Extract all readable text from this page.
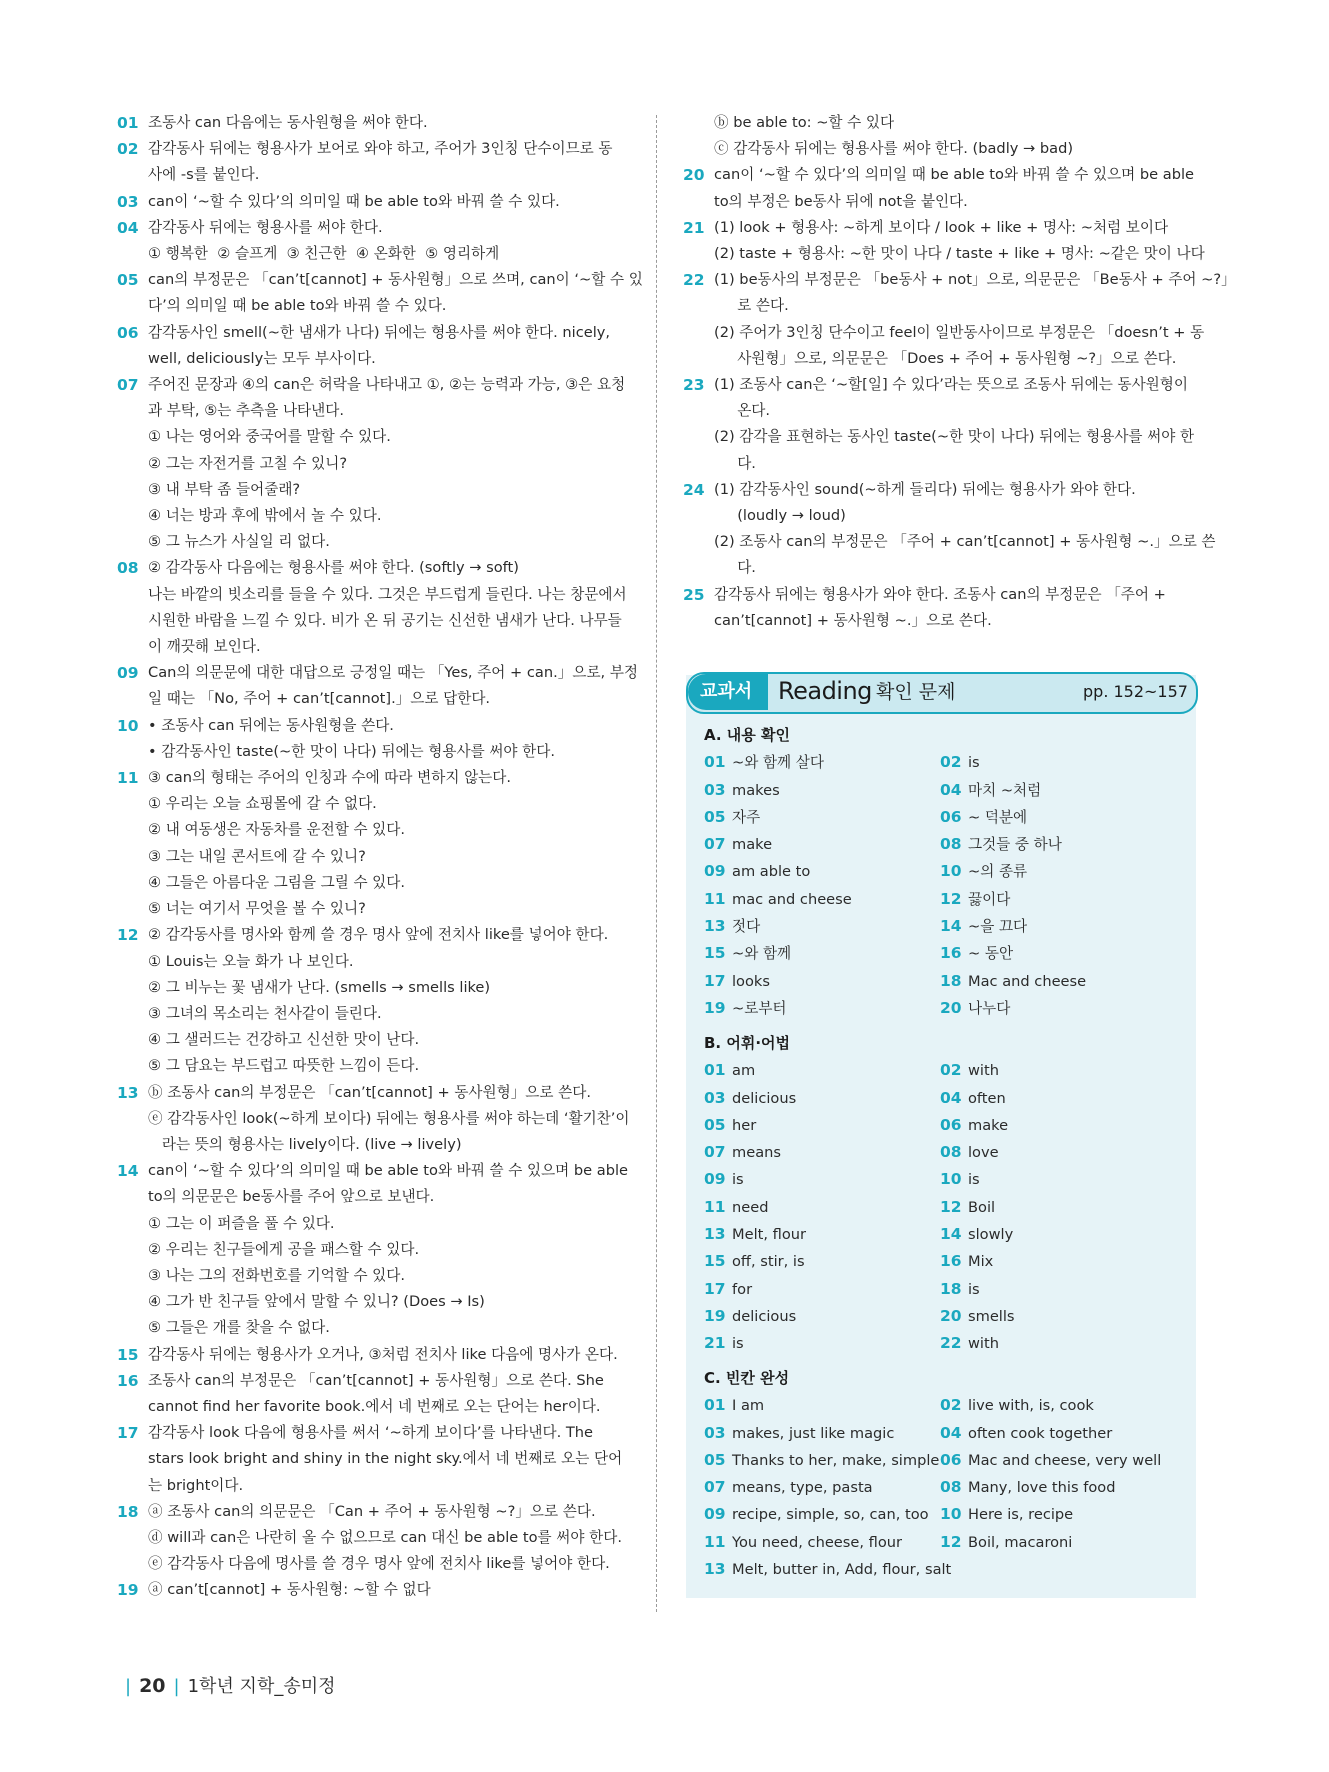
01 조동사 can 다음에는 동사원형을 써야 한다.
02 감각동사 뒤에는 형용사가 보어로 와야 하고, 주어가 3인칭 단수이므로 동
사에 -s를 붙인다.
03 can이 ‘~할 수 있다’의 의미일 때 be able to와 바꿔 쓸 수 있다.
04 감각동사 뒤에는 형용사를 써야 한다.
① 행복한  ② 슬프게  ③ 친근한  ④ 온화한  ⑤ 영리하게
05 can의 부정문은 「can’t[cannot] + 동사원형」으로 쓰며, can이 ‘~할 수 있
다’의 의미일 때 be able to와 바꿔 쓸 수 있다.
06 감각동사인 smell(~한 냄새가 나다) 뒤에는 형용사를 써야 한다. nicely,
well, deliciously는 모두 부사이다.
07 주어진 문장과 ④의 can은 허락을 나타내고 ①, ②는 능력과 가능, ③은 요청
과 부탁, ⑤는 추측을 나타낸다.
① 나는 영어와 중국어를 말할 수 있다.
② 그는 자전거를 고칠 수 있니?
③ 내 부탁 좀 들어줄래?
④ 너는 방과 후에 밖에서 놀 수 있다.
⑤ 그 뉴스가 사실일 리 없다.
08 ② 감각동사 다음에는 형용사를 써야 한다. (softly → soft)
나는 바깥의 빗소리를 들을 수 있다. 그것은 부드럽게 들린다. 나는 창문에서
시원한 바람을 느낄 수 있다. 비가 온 뒤 공기는 신선한 냄새가 난다. 나무들
이 깨끗해 보인다.
09 Can의 의문문에 대한 대답으로 긍정일 때는 「Yes, 주어 + can.」으로, 부정
일 때는 「No, 주어 + can’t[cannot].」으로 답한다.
10 • 조동사 can 뒤에는 동사원형을 쓴다.
• 감각동사인 taste(~한 맛이 나다) 뒤에는 형용사를 써야 한다.
11 ③ can의 형태는 주어의 인칭과 수에 따라 변하지 않는다.
① 우리는 오늘 쇼핑몰에 갈 수 없다.
② 내 여동생은 자동차를 운전할 수 있다.
③ 그는 내일 콘서트에 갈 수 있니?
④ 그들은 아름다운 그림을 그릴 수 있다.
⑤ 너는 여기서 무엇을 볼 수 있니?
12 ② 감각동사를 명사와 함께 쓸 경우 명사 앞에 전치사 like를 넣어야 한다.
① Louis는 오늘 화가 나 보인다.
② 그 비누는 꽃 냄새가 난다. (smells → smells like)
③ 그녀의 목소리는 천사같이 들린다.
④ 그 샐러드는 건강하고 신선한 맛이 난다.
⑤ 그 담요는 부드럽고 따뜻한 느낌이 든다.
13 ⓑ 조동사 can의 부정문은 「can’t[cannot] + 동사원형」으로 쓴다.
ⓔ 감각동사인 look(~하게 보이다) 뒤에는 형용사를 써야 하는데 ‘활기찬’이
라는 뜻의 형용사는 lively이다. (live → lively)
14 can이 ‘~할 수 있다’의 의미일 때 be able to와 바꿔 쓸 수 있으며 be able
to의 의문문은 be동사를 주어 앞으로 보낸다.
① 그는 이 퍼즐을 풀 수 있다.
② 우리는 친구들에게 공을 패스할 수 있다.
③ 나는 그의 전화번호를 기억할 수 있다.
④ 그가 반 친구들 앞에서 말할 수 있니? (Does → Is)
⑤ 그들은 개를 찾을 수 없다.
15 감각동사 뒤에는 형용사가 오거나, ③처럼 전치사 like 다음에 명사가 온다.
16 조동사 can의 부정문은 「can’t[cannot] + 동사원형」으로 쓴다. She
cannot find her favorite book.에서 네 번째로 오는 단어는 her이다.
17 감각동사 look 다음에 형용사를 써서 ‘~하게 보이다’를 나타낸다. The
stars look bright and shiny in the night sky.에서 네 번째로 오는 단어
는 bright이다.
18 ⓐ 조동사 can의 의문문은 「Can + 주어 + 동사원형 ~?」으로 쓴다.
ⓓ will과 can은 나란히 올 수 없으므로 can 대신 be able to를 써야 한다.
ⓔ 감각동사 다음에 명사를 쓸 경우 명사 앞에 전치사 like를 넣어야 한다.
19 ⓐ can’t[cannot] + 동사원형: ~할 수 없다
ⓑ be able to: ~할 수 있다
ⓒ 감각동사 뒤에는 형용사를 써야 한다. (badly → bad)
20 can이 ‘~할 수 있다’의 의미일 때 be able to와 바꿔 쓸 수 있으며 be able
to의 부정은 be동사 뒤에 not을 붙인다.
21 (1) look + 형용사: ~하게 보이다 / look + like + 명사: ~처럼 보이다
(2) taste + 형용사: ~한 맛이 나다 / taste + like + 명사: ~같은 맛이 나다
22 (1) be동사의 부정문은 「be동사 + not」으로, 의문문은 「Be동사 + 주어 ~?」
로 쓴다.
(2) 주어가 3인칭 단수이고 feel이 일반동사이므로 부정문은 「doesn’t + 동
사원형」으로, 의문문은 「Does + 주어 + 동사원형 ~?」으로 쓴다.
23 (1) 조동사 can은 ‘~할[일] 수 있다’라는 뜻으로 조동사 뒤에는 동사원형이
온다.
(2) 감각을 표현하는 동사인 taste(~한 맛이 나다) 뒤에는 형용사를 써야 한
다.
24 (1) 감각동사인 sound(~하게 들리다) 뒤에는 형용사가 와야 한다.
(loudly → loud)
(2) 조동사 can의 부정문은 「주어 + can’t[cannot] + 동사원형 ~.」으로 쓴
다.
25 감각동사 뒤에는 형용사가 와야 한다. 조동사 can의 부정문은 「주어 +
can’t[cannot] + 동사원형 ~.」으로 쓴다.
교과서 Reading 확인 문제	pp. 152~157
A. 내용 확인
01 ~와 함께 살다	02 is
03 makes	04 마치 ~처럼
05 자주	06 ~ 덕분에
07 make	08 그것들 중 하나
09 am able to	10 ~의 종류
11 mac and cheese	12 끓이다
13 젓다	14 ~을 끄다
15 ~와 함께	16 ~ 동안
17 looks	18 Mac and cheese
19 ~로부터	20 나누다
B. 어휘·어법
01 am	02 with
03 delicious	04 often
05 her	06 make
07 means	08 love
09 is	10 is
11 need	12 Boil
13 Melt, flour	14 slowly
15 off, stir, is	16 Mix
17 for	18 is
19 delicious	20 smells
21 is	22 with
C. 빈칸 완성
01 I am	02 live with, is, cook
03 makes, just like magic	04 often cook together
05 Thanks to her, make, simple 06 Mac and cheese, very well
07 means, type, pasta	08 Many, love this food
09 recipe, simple, so, can, too 10 Here is, recipe
11 You need, cheese, flour 12 Boil, macaroni
13 Melt, butter in, Add, flour, salt
| 20 | 1학년 지학_송미정
